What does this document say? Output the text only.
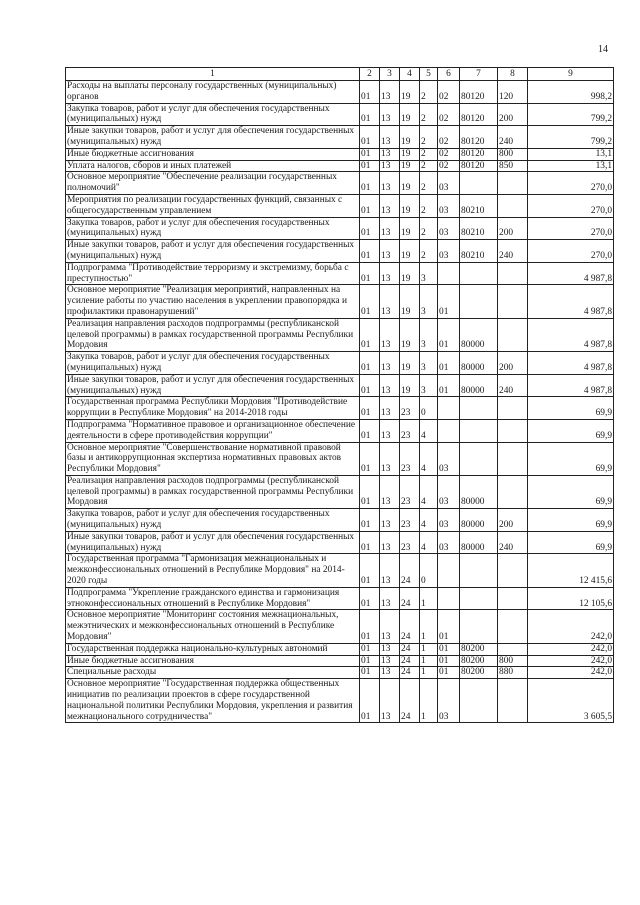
14
1	2	3	4	5	6	7	8	9
Расходы на выплаты персоналу государственных (муниципальных) органов	01	13	19	2	02	80120	120	998,2
Закупка товаров, работ и услуг для обеспечения государственных (муниципальных) нужд	01	13	19	2	02	80120	200	799,2
Иные закупки товаров, работ и услуг для обеспечения государственных (муниципальных) нужд	01	13	19	2	02	80120	240	799,2
Иные бюджетные ассигнования	01	13	19	2	02	80120	800	13,1
Уплата налогов, сборов и иных платежей	01	13	19	2	02	80120	850	13,1
Основное мероприятие "Обеспечение реализации государственных полномочий"	01	13	19	2	03			270,0
Мероприятия по реализации государственных функций, связанных с общегосударственным управлением	01	13	19	2	03	80210		270,0
Закупка товаров, работ и услуг для обеспечения государственных (муниципальных) нужд	01	13	19	2	03	80210	200	270,0
Иные закупки товаров, работ и услуг для обеспечения государственных (муниципальных) нужд	01	13	19	2	03	80210	240	270,0
Подпрограмма "Противодействие терроризму и экстремизму, борьба с преступностью"	01	13	19	3				4 987,8
Основное мероприятие "Реализация мероприятий, направленных на усиление работы по участию населения в укреплении правопорядка и профилактики правонарушений"	01	13	19	3	01			4 987,8
Реализация направления расходов подпрограммы (республиканской целевой программы) в рамках государственной программы Республики Мордовия	01	13	19	3	01	80000		4 987,8
Закупка товаров, работ и услуг для обеспечения государственных (муниципальных) нужд	01	13	19	3	01	80000	200	4 987,8
Иные закупки товаров, работ и услуг для обеспечения государственных (муниципальных) нужд	01	13	19	3	01	80000	240	4 987,8
Государственная программа Республики Мордовия "Противодействие коррупции в Республике Мордовия" на 2014-2018 годы	01	13	23	0				69,9
Подпрограмма "Нормативное правовое и организационное обеспечение деятельности в сфере противодействия коррупции"	01	13	23	4				69,9
Основное мероприятие "Совершенствование нормативной правовой базы и антикоррупционная экспертиза нормативных правовых актов Республики Мордовия"	01	13	23	4	03			69,9
Реализация направления расходов подпрограммы (республиканской целевой программы) в рамках государственной программы Республики Мордовия	01	13	23	4	03	80000		69,9
Закупка товаров, работ и услуг для обеспечения государственных (муниципальных) нужд	01	13	23	4	03	80000	200	69,9
Иные закупки товаров, работ и услуг для обеспечения государственных (муниципальных) нужд	01	13	23	4	03	80000	240	69,9
Государственная программа "Гармонизация межнациональных и межконфессиональных отношений в Республике Мордовия" на 2014-2020 годы	01	13	24	0				12 415,6
Подпрограмма "Укрепление гражданского единства и гармонизация этноконфессиональных отношений в Республике Мордовия"	01	13	24	1				12 105,6
Основное мероприятие "Мониторинг состояния межнациональных, межэтнических и межконфессиональных отношений в Республике Мордовия"	01	13	24	1	01			242,0
Государственная поддержка национально-культурных автономий	01	13	24	1	01	80200		242,0
Иные бюджетные ассигнования	01	13	24	1	01	80200	800	242,0
Специальные расходы	01	13	24	1	01	80200	880	242,0
Основное мероприятие "Государственная поддержка общественных инициатив по реализации проектов в сфере государственной национальной политики Республики Мордовия, укрепления и развития межнационального сотрудничества"	01	13	24	1	03			3 605,5
